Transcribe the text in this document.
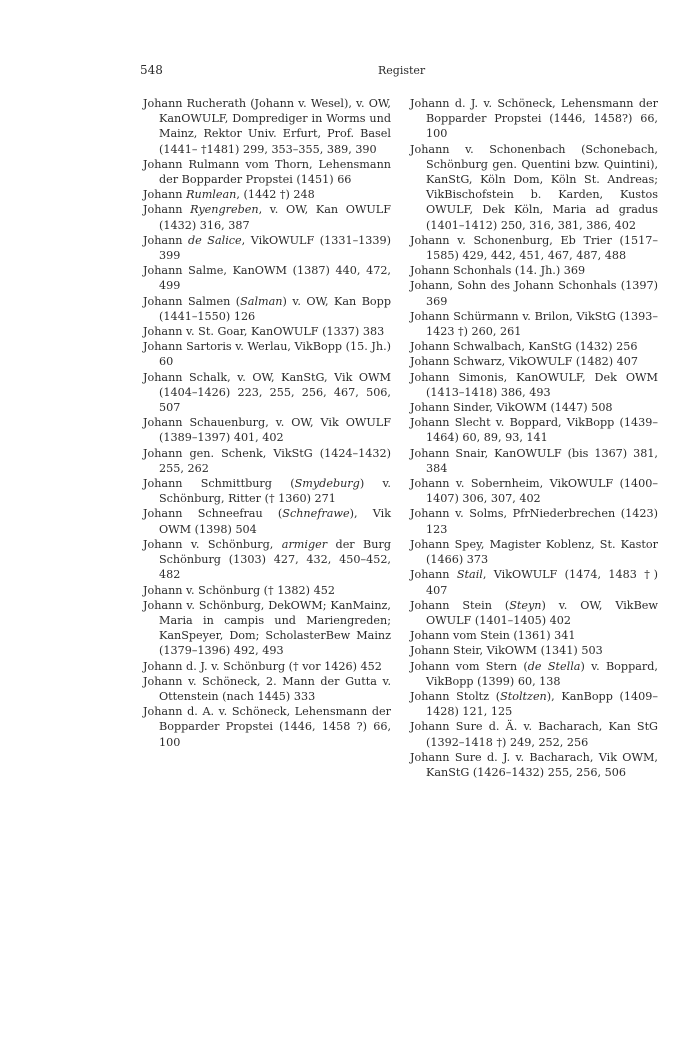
548	Register

Johann Rucherath (Johann v. Wesel), v. OW, KanOWULF, Domprediger in Worms und Mainz, Rektor Univ. Erfurt, Prof. Basel (1441– †1481) 299, 353–355, 389, 390

Johann Rulmann vom Thorn, Lehensmann der Bopparder Propstei (1451) 66

Johann Rumlean, (1442 †) 248

Johann Ryengreben, v. OW, Kan OWULF (1432) 316, 387

Johann de Salice, VikOWULF (1331–1339) 399

Johann Salme, KanOWM (1387) 440, 472, 499

Johann Salmen (Salman) v. OW, Kan Bopp (1441–1550) 126

Johann v. St. Goar, KanOWULF (1337) 383

Johann Sartoris v. Werlau, VikBopp (15. Jh.) 60

Johann Schalk, v. OW, KanStG, Vik OWM (1404–1426) 223, 255, 256, 467, 506, 507

Johann Schauenburg, v. OW, Vik OWULF (1389–1397) 401, 402

Johann gen. Schenk, VikStG (1424–1432) 255, 262

Johann Schmittburg (Smydeburg) v. Schönburg, Ritter († 1360) 271

Johann Schneefrau (Schnefrawe), Vik OWM (1398) 504

Johann v. Schönburg, armiger der Burg Schönburg (1303) 427, 432, 450–452, 482

Johann v. Schönburg († 1382) 452

Johann v. Schönburg, DekOWM; KanMainz, Maria in campis und Mariengreden; KanSpeyer, Dom; ScholasterBew Mainz (1379–1396) 492, 493

Johann d. J. v. Schönburg († vor 1426) 452

Johann v. Schöneck, 2. Mann der Gutta v. Ottenstein (nach 1445) 333

Johann d. A. v. Schöneck, Lehensmann der Bopparder Propstei (1446, 1458 ?) 66, 100

Johann d. J. v. Schöneck, Lehensmann der Bopparder Propstei (1446, 1458?) 66, 100

Johann v. Schonenbach (Schonebach, Schönburg gen. Quentini bzw. Quintini), KanStG, Köln Dom, Köln St. Andreas; VikBischofstein b. Karden, Kustos OWULF, Dek Köln, Maria ad gradus (1401–1412) 250, 316, 381, 386, 402

Johann v. Schonenburg, Eb Trier (1517–1585) 429, 442, 451, 467, 487, 488

Johann Schonhals (14. Jh.) 369

Johann, Sohn des Johann Schonhals (1397) 369

Johann Schürmann v. Brilon, VikStG (1393–1423 †) 260, 261

Johann Schwalbach, KanStG (1432) 256

Johann Schwarz, VikOWULF (1482) 407

Johann Simonis, KanOWULF, Dek OWM (1413–1418) 386, 493

Johann Sinder, VikOWM (1447) 508

Johann Slecht v. Boppard, VikBopp (1439–1464) 60, 89, 93, 141

Johann Snair, KanOWULF (bis 1367) 381, 384

Johann v. Sobernheim, VikOWULF (1400–1407) 306, 307, 402

Johann v. Solms, PfrNiederbrechen (1423) 123

Johann Spey, Magister Koblenz, St. Kastor (1466) 373

Johann Stail, VikOWULF (1474, 1483 †) 407

Johann Stein (Steyn) v. OW, VikBew OWULF (1401–1405) 402

Johann vom Stein (1361) 341

Johann Steir, VikOWM (1341) 503

Johann vom Stern (de Stella) v. Boppard, VikBopp (1399) 60, 138

Johann Stoltz (Stoltzen), KanBopp (1409–1428) 121, 125

Johann Sure d. Ä. v. Bacharach, Kan StG (1392–1418 †) 249, 252, 256

Johann Sure d. J. v. Bacharach, Vik OWM, KanStG (1426–1432) 255, 256, 506
